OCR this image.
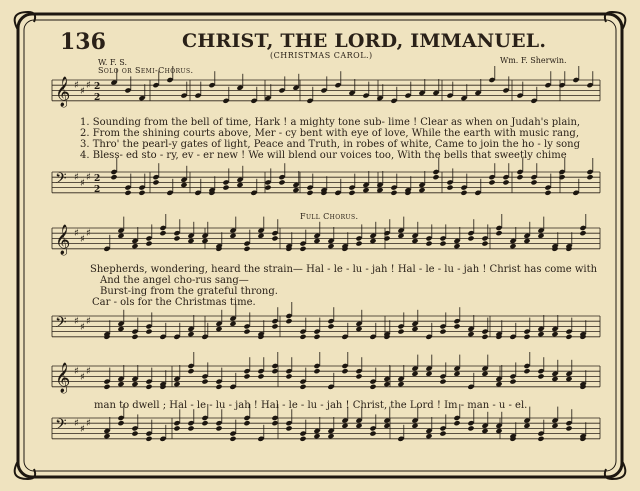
𝄞 ♯
♯
♯ 2
2
𝄢 ♯
♯
♯ 2
2
𝄞 ♯
♯
♯
𝄢 ♯
♯
♯
𝄞 ♯
♯
♯
𝄢 ♯
♯
♯
136	CHRIST, THE LORD, IMMANUEL.
(CHRISTMAS CAROL.)
W. F. S.
Solo or Semi-Chorus.
Wm. F. Sherwin.
1. Sounding from the bell of time, Hark ! a mighty tone sub- lime ! Clear as when on Judah's plain,
2. From the shining courts above, Mer - cy bent with eye of love, While the earth with music rang,
3. Thro' the pearl-y gates of light, Peace and Truth, in robes of white, Came to join the ho - ly song
4. Bless- ed sto - ry, ev - er new ! We will blend our voices too, With the bells that sweetly chime
Full Chorus.
Shepherds, wondering, heard the strain— Hal - le - lu - jah ! Hal - le - lu - jah ! Christ has come with
And the angel cho-rus sang—
Burst-ing from the grateful throng.
Car - ols for the Christmas time.
man to dwell ; Hal - le - lu - jah ! Hal - le - lu - jah ! Christ, the Lord ! Im - man - u - el.
